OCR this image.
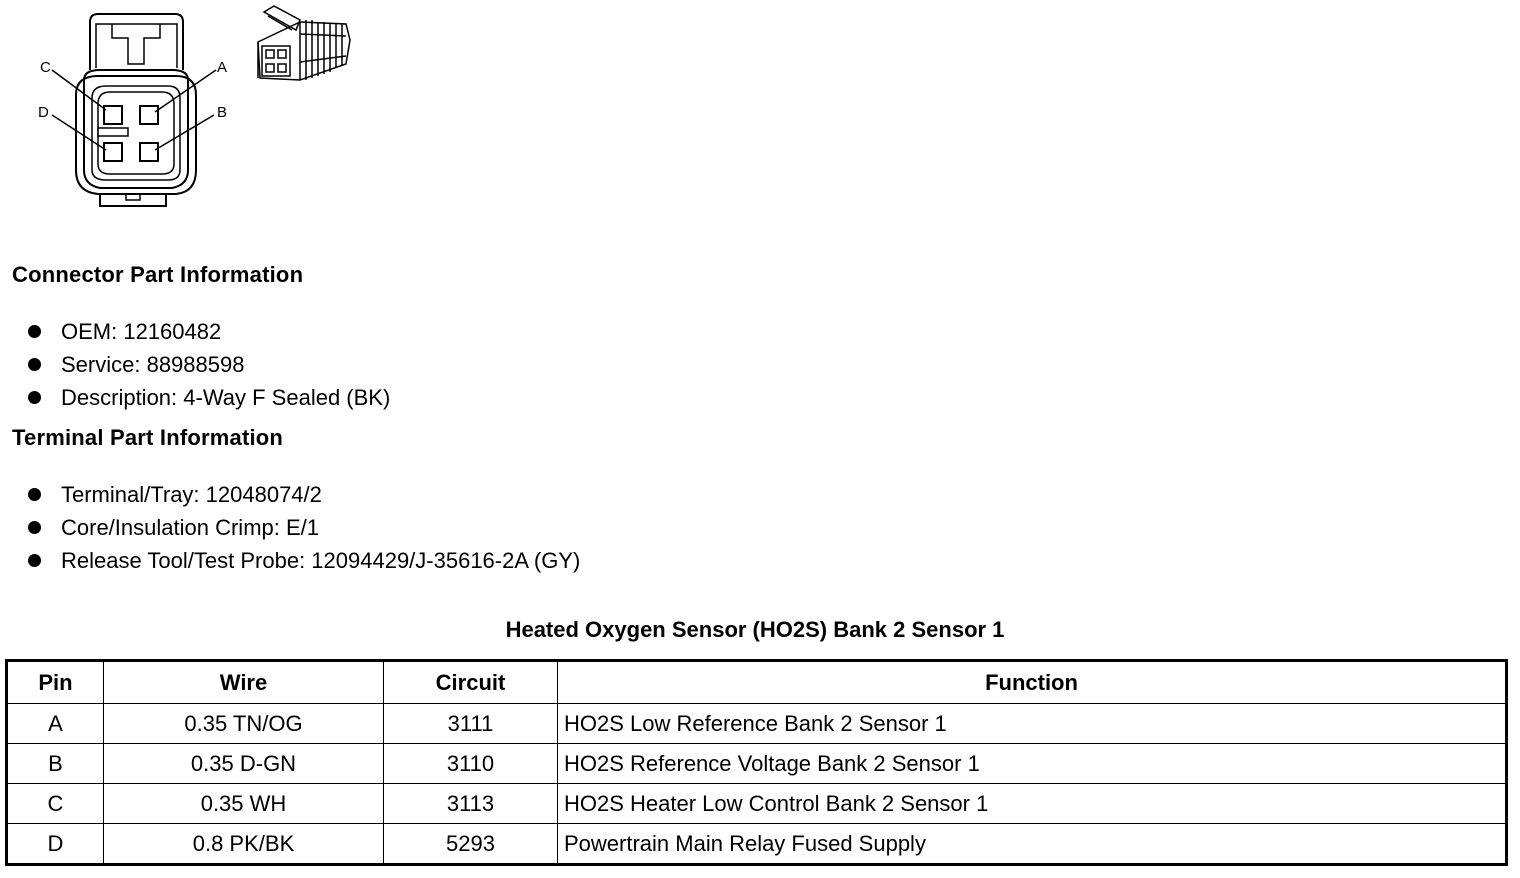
C	A
D	B
Connector Part Information
OEM: 12160482
Service: 88988598
Description: 4-Way F Sealed (BK)
Terminal Part Information
Terminal/Tray: 12048074/2
Core/Insulation Crimp: E/1
Release Tool/Test Probe: 12094429/J-35616-2A (GY)
Heated Oxygen Sensor (HO2S) Bank 2 Sensor 1
Pin	Wire	Circuit	Function
A	0.35 TN/OG	3111	HO2S Low Reference Bank 2 Sensor 1
B	0.35 D-GN	3110	HO2S Reference Voltage Bank 2 Sensor 1
C	0.35 WH	3113	HO2S Heater Low Control Bank 2 Sensor 1
D	0.8 PK/BK	5293	Powertrain Main Relay Fused Supply
